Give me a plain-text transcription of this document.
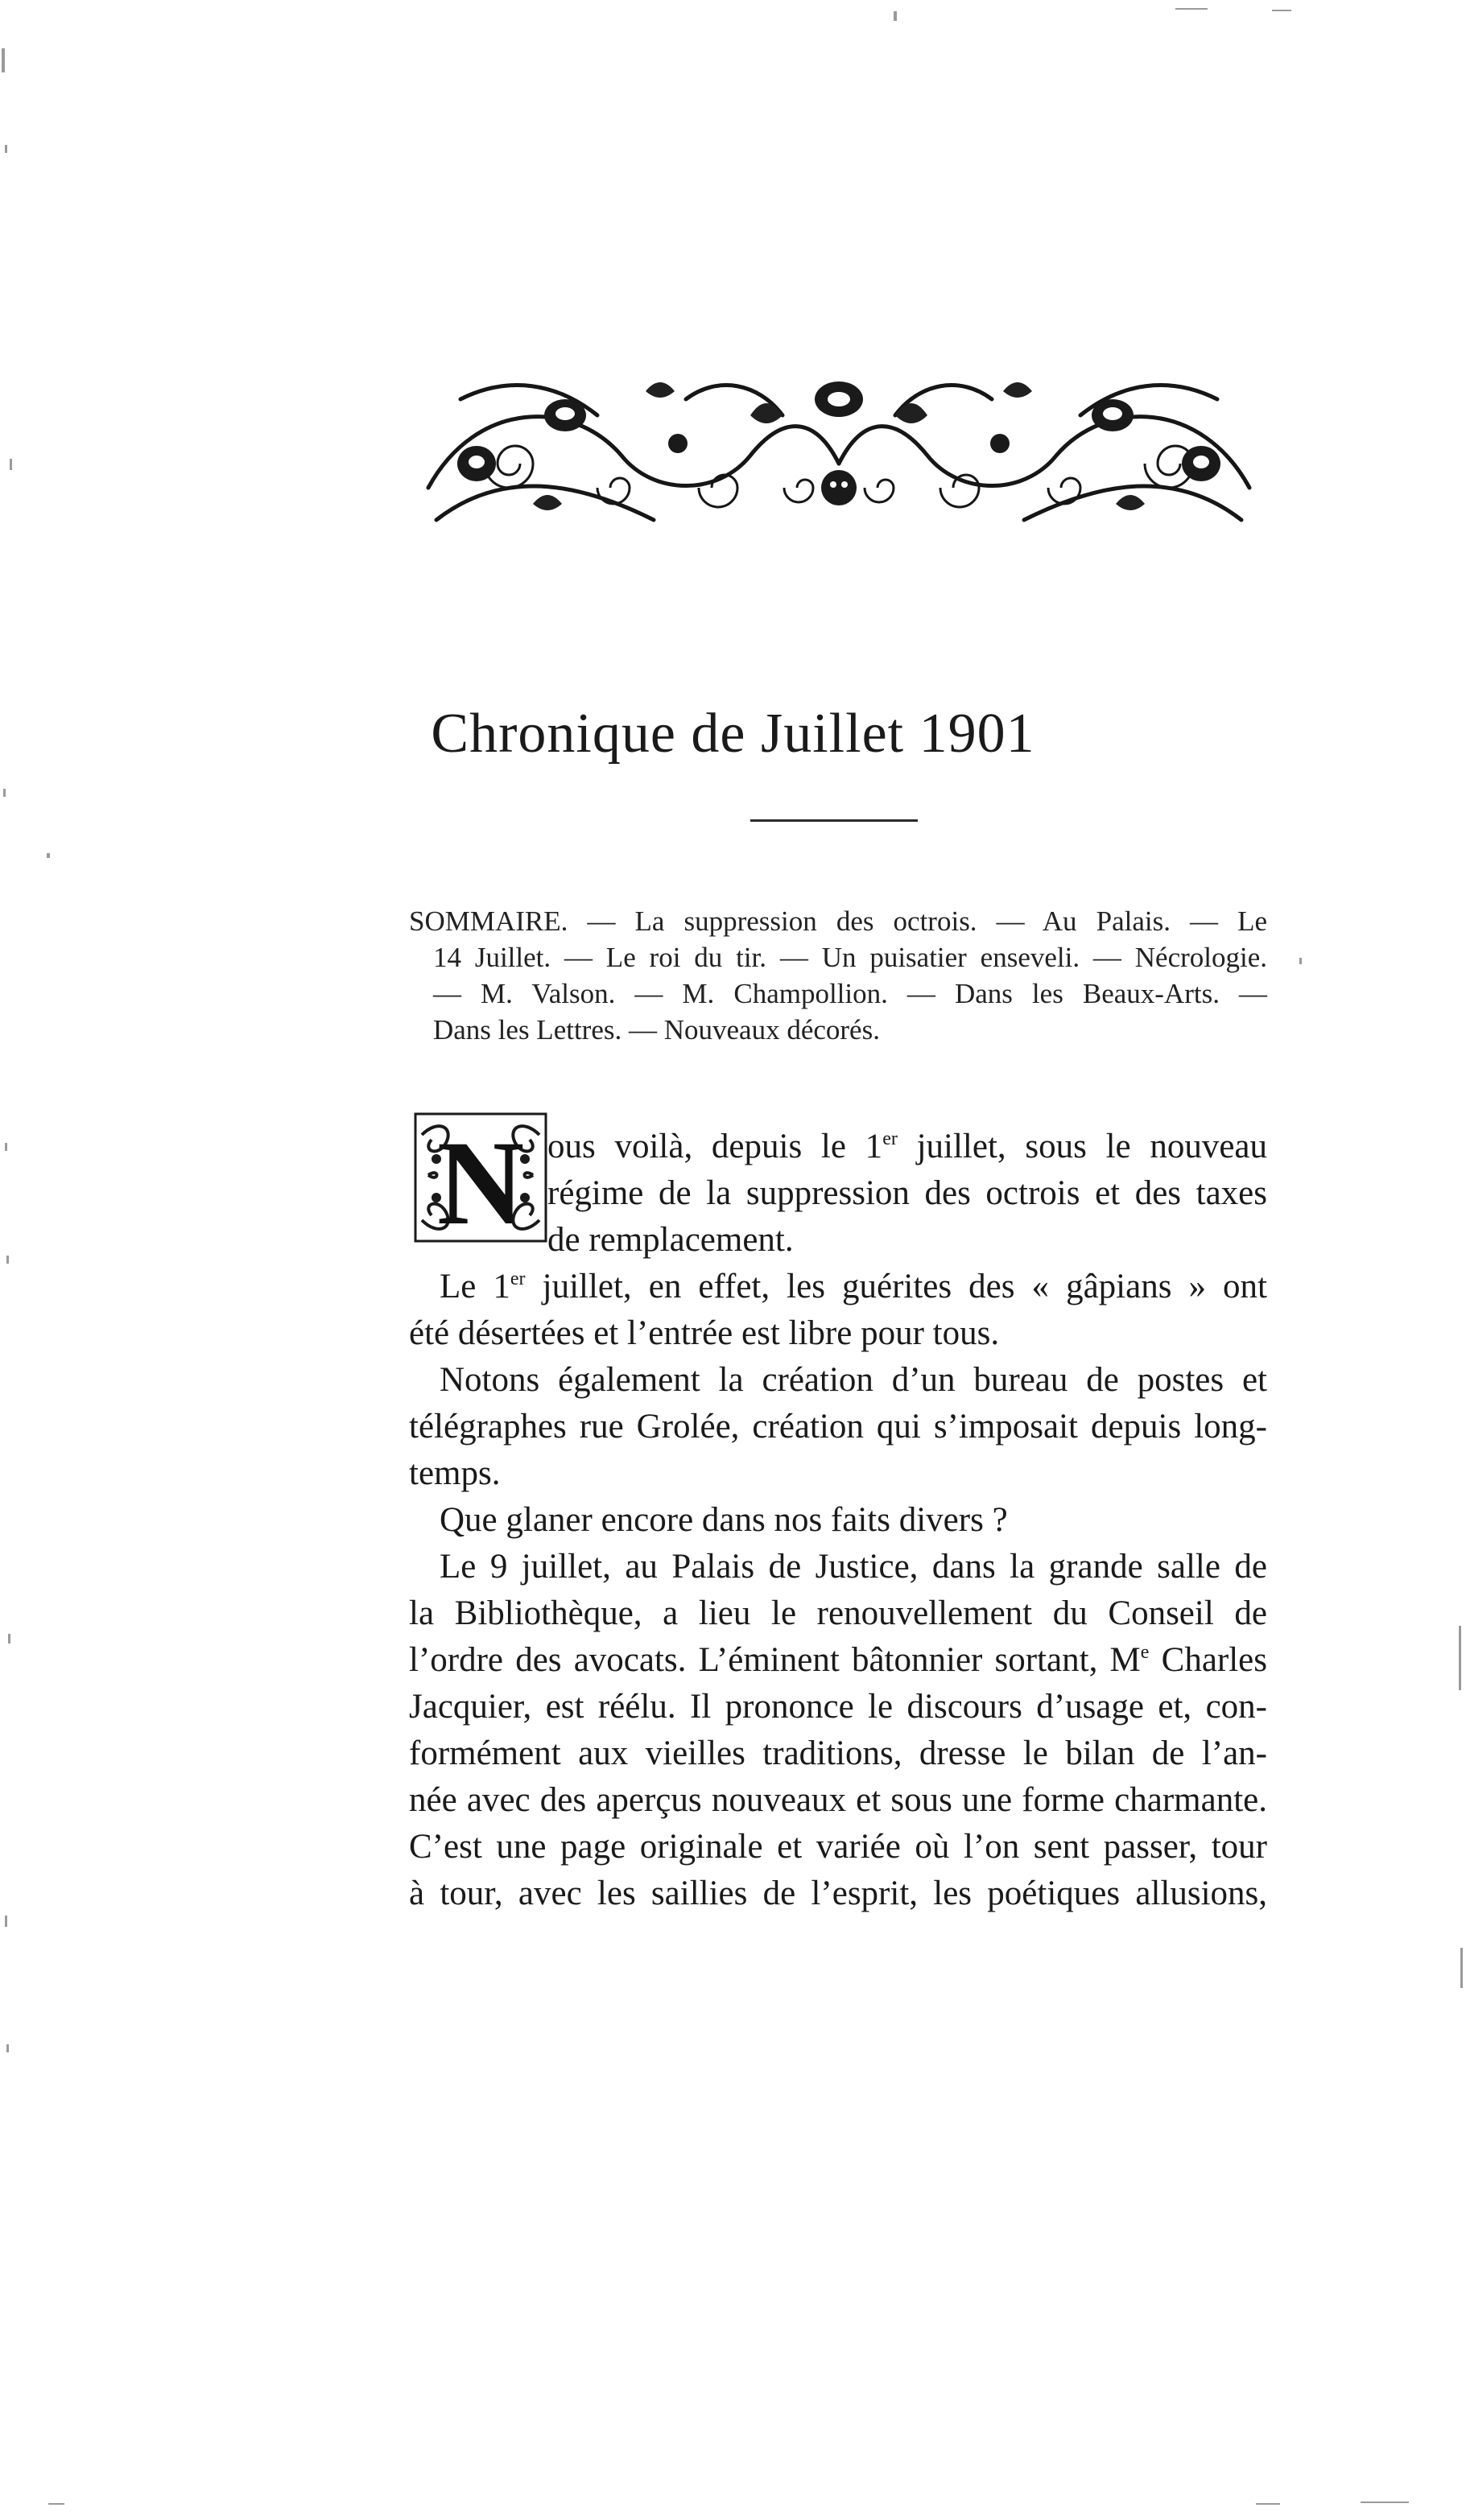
Chronique de Juillet 1901
SOMMAIRE. — La suppression des octrois. — Au Palais. — Le
14 Juillet. — Le roi du tir. — Un puisatier enseveli. — Nécrologie.
— M. Valson. — M. Champollion. — Dans les Beaux-Arts. —
Dans les Lettres. — Nouveaux décorés.
N ous voilà, depuis le 1er juillet, sous le nouveau
régime de la suppression des octrois et des taxes
de remplacement.
Le 1er juillet, en effet, les guérites des « gâpians » ont
été désertées et l’entrée est libre pour tous.
Notons également la création d’un bureau de postes et
télégraphes rue Grolée, création qui s’imposait depuis long-
temps.
Que glaner encore dans nos faits divers ?
Le 9 juillet, au Palais de Justice, dans la grande salle de
la Bibliothèque, a lieu le renouvellement du Conseil de
l’ordre des avocats. L’éminent bâtonnier sortant, Me Charles
Jacquier, est réélu. Il prononce le discours d’usage et, con-
formément aux vieilles traditions, dresse le bilan de l’an-
née avec des aperçus nouveaux et sous une forme charmante.
C’est une page originale et variée où l’on sent passer, tour
à tour, avec les saillies de l’esprit, les poétiques allusions,
